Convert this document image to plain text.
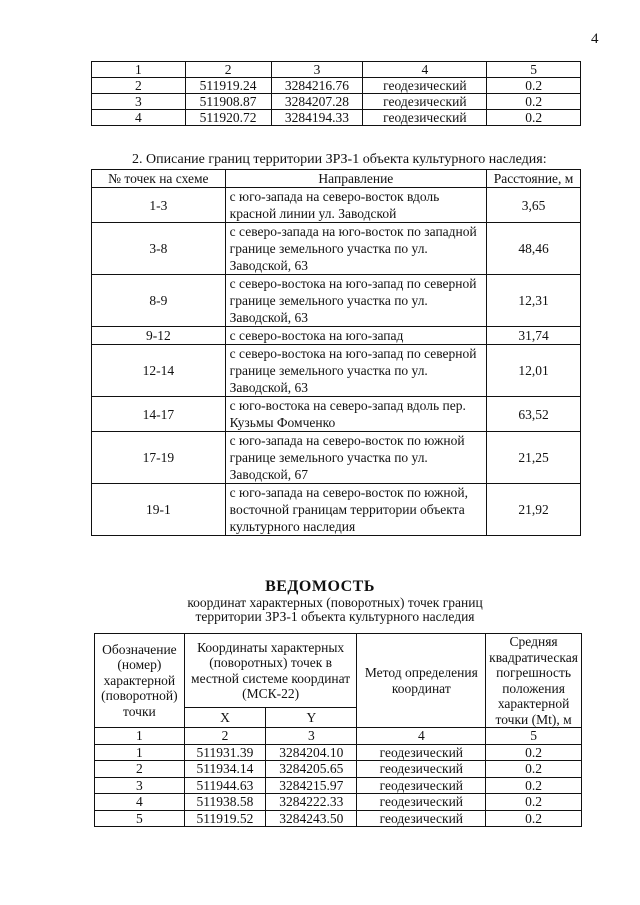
4
1	2	3	4	5
2	511919.24	3284216.76	геодезический	0.2
3	511908.87	3284207.28	геодезический	0.2
4	511920.72	3284194.33	геодезический	0.2
2. Описание границ территории ЗРЗ-1 объекта культурного наследия:
№ точек на схеме	Направление	Расстояние, м
1-3	с юго-запада на северо-восток вдоль красной линии ул. Заводской	3,65
3-8	с северо-запада на юго-восток по западной границе земельного участка по ул. Заводской, 63	48,46
8-9	с северо-востока на юго-запад по северной границе земельного участка по ул. Заводской, 63	12,31
9-12	с северо-востока на юго-запад	31,74
12-14	с северо-востока на юго-запад по северной границе земельного участка по ул. Заводской, 63	12,01
14-17	с юго-востока на северо-запад вдоль пер. Кузьмы Фомченко	63,52
17-19	с юго-запада на северо-восток по южной границе земельного участка по ул. Заводской, 67	21,25
19-1	с юго-запада на северо-восток по южной, восточной границам территории объекта культурного наследия	21,92
ВЕДОМОСТЬ
координат характерных (поворотных) точек границ
территории ЗРЗ-1 объекта культурного наследия
Обозначение (номер) характерной (поворотной) точки	Координаты характерных (поворотных) точек в местной системе координат (МСК-22)		Метод определения координат	Средняя квадратическая погрешность положения характерной точки (Mt), м
	X	Y		
1	2	3	4	5
1	511931.39	3284204.10	геодезический	0.2
2	511934.14	3284205.65	геодезический	0.2
3	511944.63	3284215.97	геодезический	0.2
4	511938.58	3284222.33	геодезический	0.2
5	511919.52	3284243.50	геодезический	0.2
